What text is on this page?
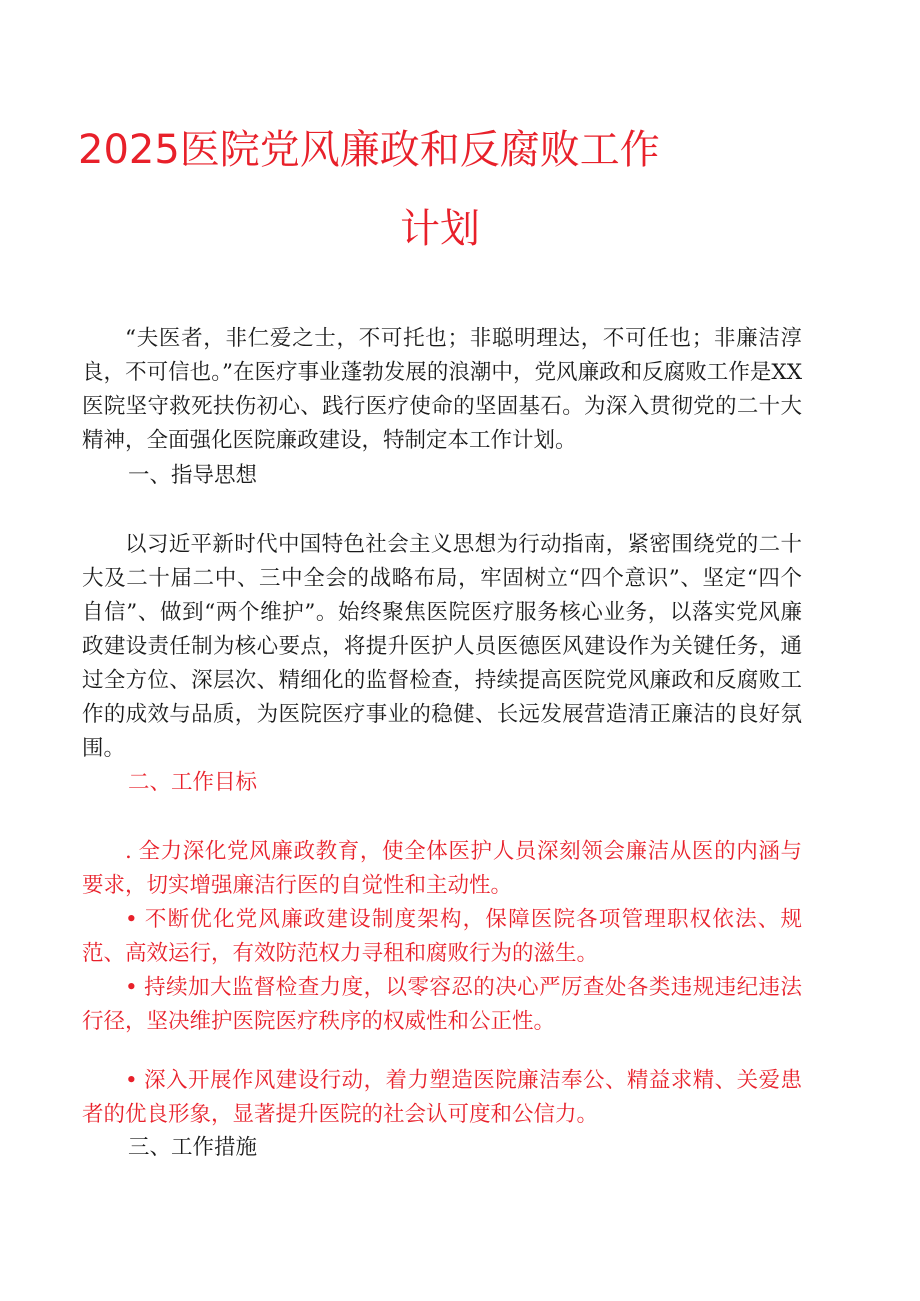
2025医院党风廉政和反腐败工作
计划

“夫医者，非仁爱之士，不可托也；非聪明理达，不可任也；非廉洁淳良，不可信也。”在医疗事业蓬勃发展的浪潮中，党风廉政和反腐败工作是XX医院坚守救死扶伤初心、践行医疗使命的坚固基石。为深入贯彻党的二十大精神，全面强化医院廉政建设，特制定本工作计划。

一、指导思想

以习近平新时代中国特色社会主义思想为行动指南，紧密围绕党的二十大及二十届二中、三中全会的战略布局，牢固树立“四个意识”、坚定“四个自信”、做到“两个维护”。始终聚焦医院医疗服务核心业务，以落实党风廉政建设责任制为核心要点，将提升医护人员医德医风建设作为关键任务，通过全方位、深层次、精细化的监督检查，持续提高医院党风廉政和反腐败工作的成效与品质，为医院医疗事业的稳健、长远发展营造清正廉洁的良好氛围。

二、工作目标

. 全力深化党风廉政教育，使全体医护人员深刻领会廉洁从医的内涵与要求，切实增强廉洁行医的自觉性和主动性。

• 不断优化党风廉政建设制度架构，保障医院各项管理职权依法、规范、高效运行，有效防范权力寻租和腐败行为的滋生。

• 持续加大监督检查力度，以零容忍的决心严厉查处各类违规违纪违法行径，坚决维护医院医疗秩序的权威性和公正性。

• 深入开展作风建设行动，着力塑造医院廉洁奉公、精益求精、关爱患者的优良形象，显著提升医院的社会认可度和公信力。

三、工作措施
